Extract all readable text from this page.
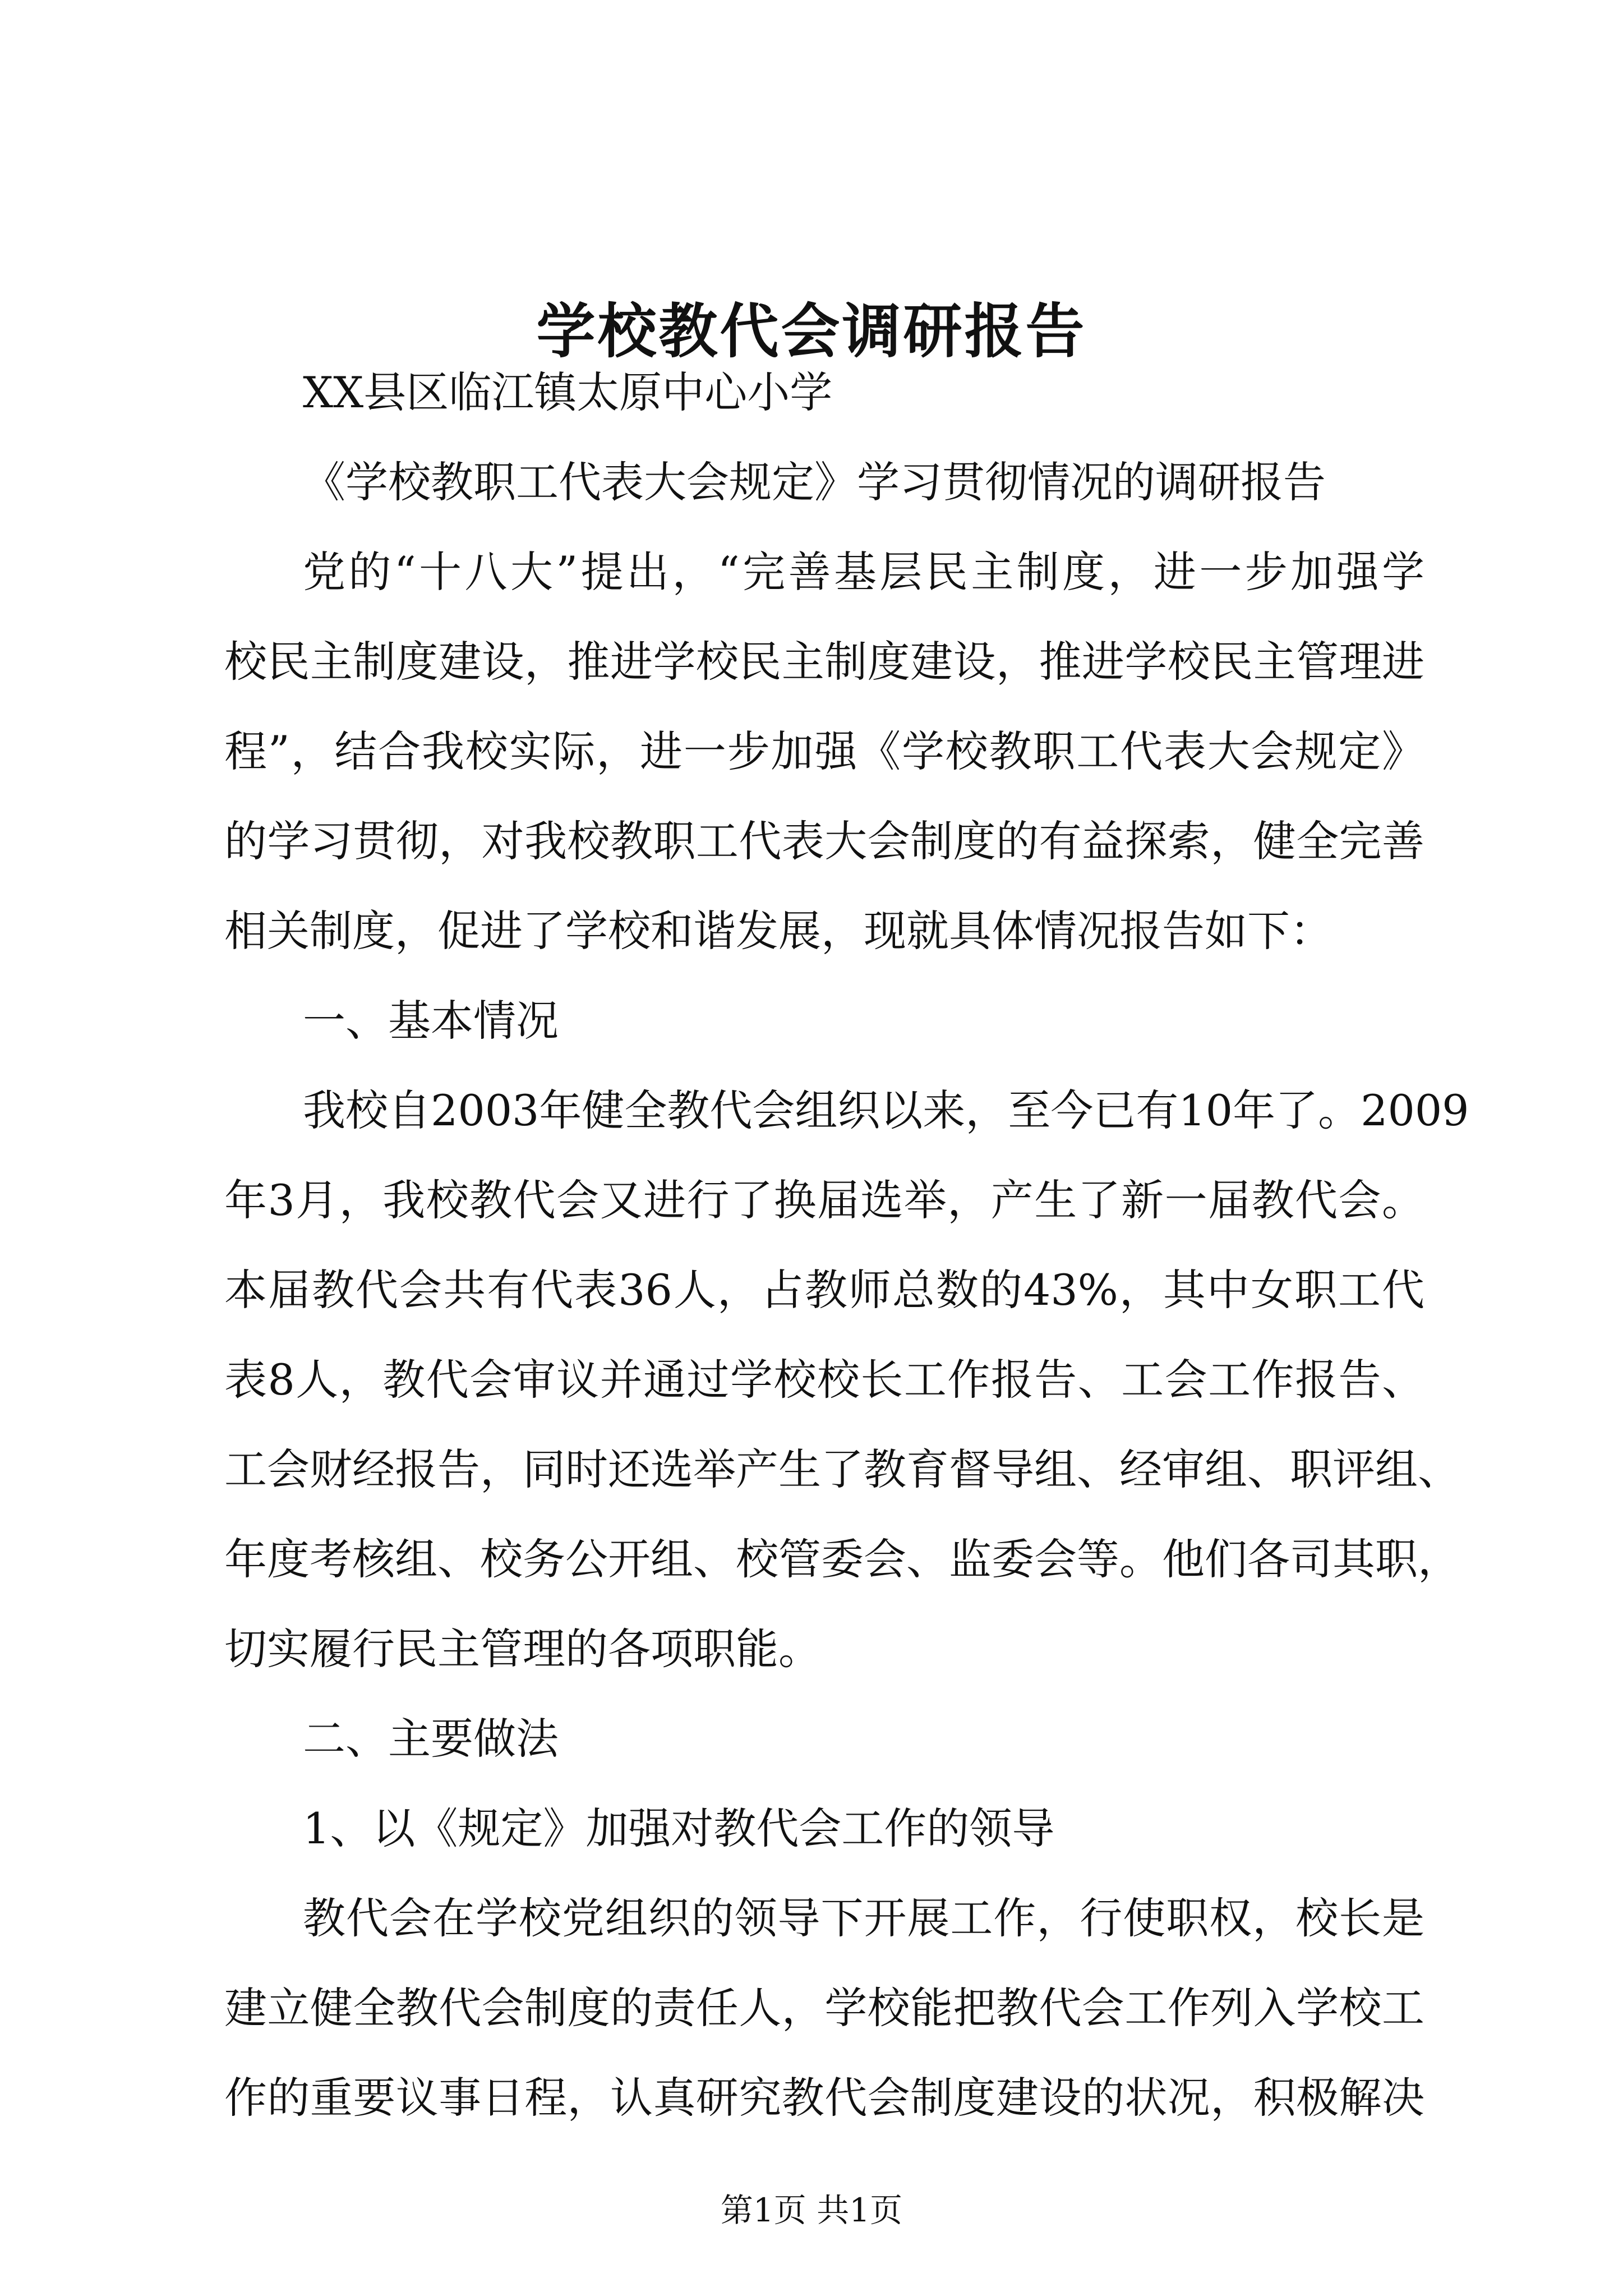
学校教代会调研报告

XX县区临江镇太原中心小学

《学校教职工代表大会规定》学习贯彻情况的调研报告

党的“十八大”提出，“完善基层民主制度，进一步加强学

校民主制度建设，推进学校民主制度建设，推进学校民主管理进

程”，结合我校实际，进一步加强《学校教职工代表大会规定》

的学习贯彻，对我校教职工代表大会制度的有益探索，健全完善

相关制度，促进了学校和谐发展，现就具体情况报告如下：

一、基本情况

我校自2003年健全教代会组织以来，至今已有10年了。2009

年3月，我校教代会又进行了换届选举，产生了新一届教代会。

本届教代会共有代表36人，占教师总数的43%，其中女职工代

表8人，教代会审议并通过学校校长工作报告、工会工作报告、

工会财经报告，同时还选举产生了教育督导组、经审组、职评组、

年度考核组、校务公开组、校管委会、监委会等。他们各司其职，

切实履行民主管理的各项职能。

二、主要做法

1、以《规定》加强对教代会工作的领导

教代会在学校党组织的领导下开展工作，行使职权，校长是

建立健全教代会制度的责任人，学校能把教代会工作列入学校工

作的重要议事日程，认真研究教代会制度建设的状况，积极解决

第1页 共1页
